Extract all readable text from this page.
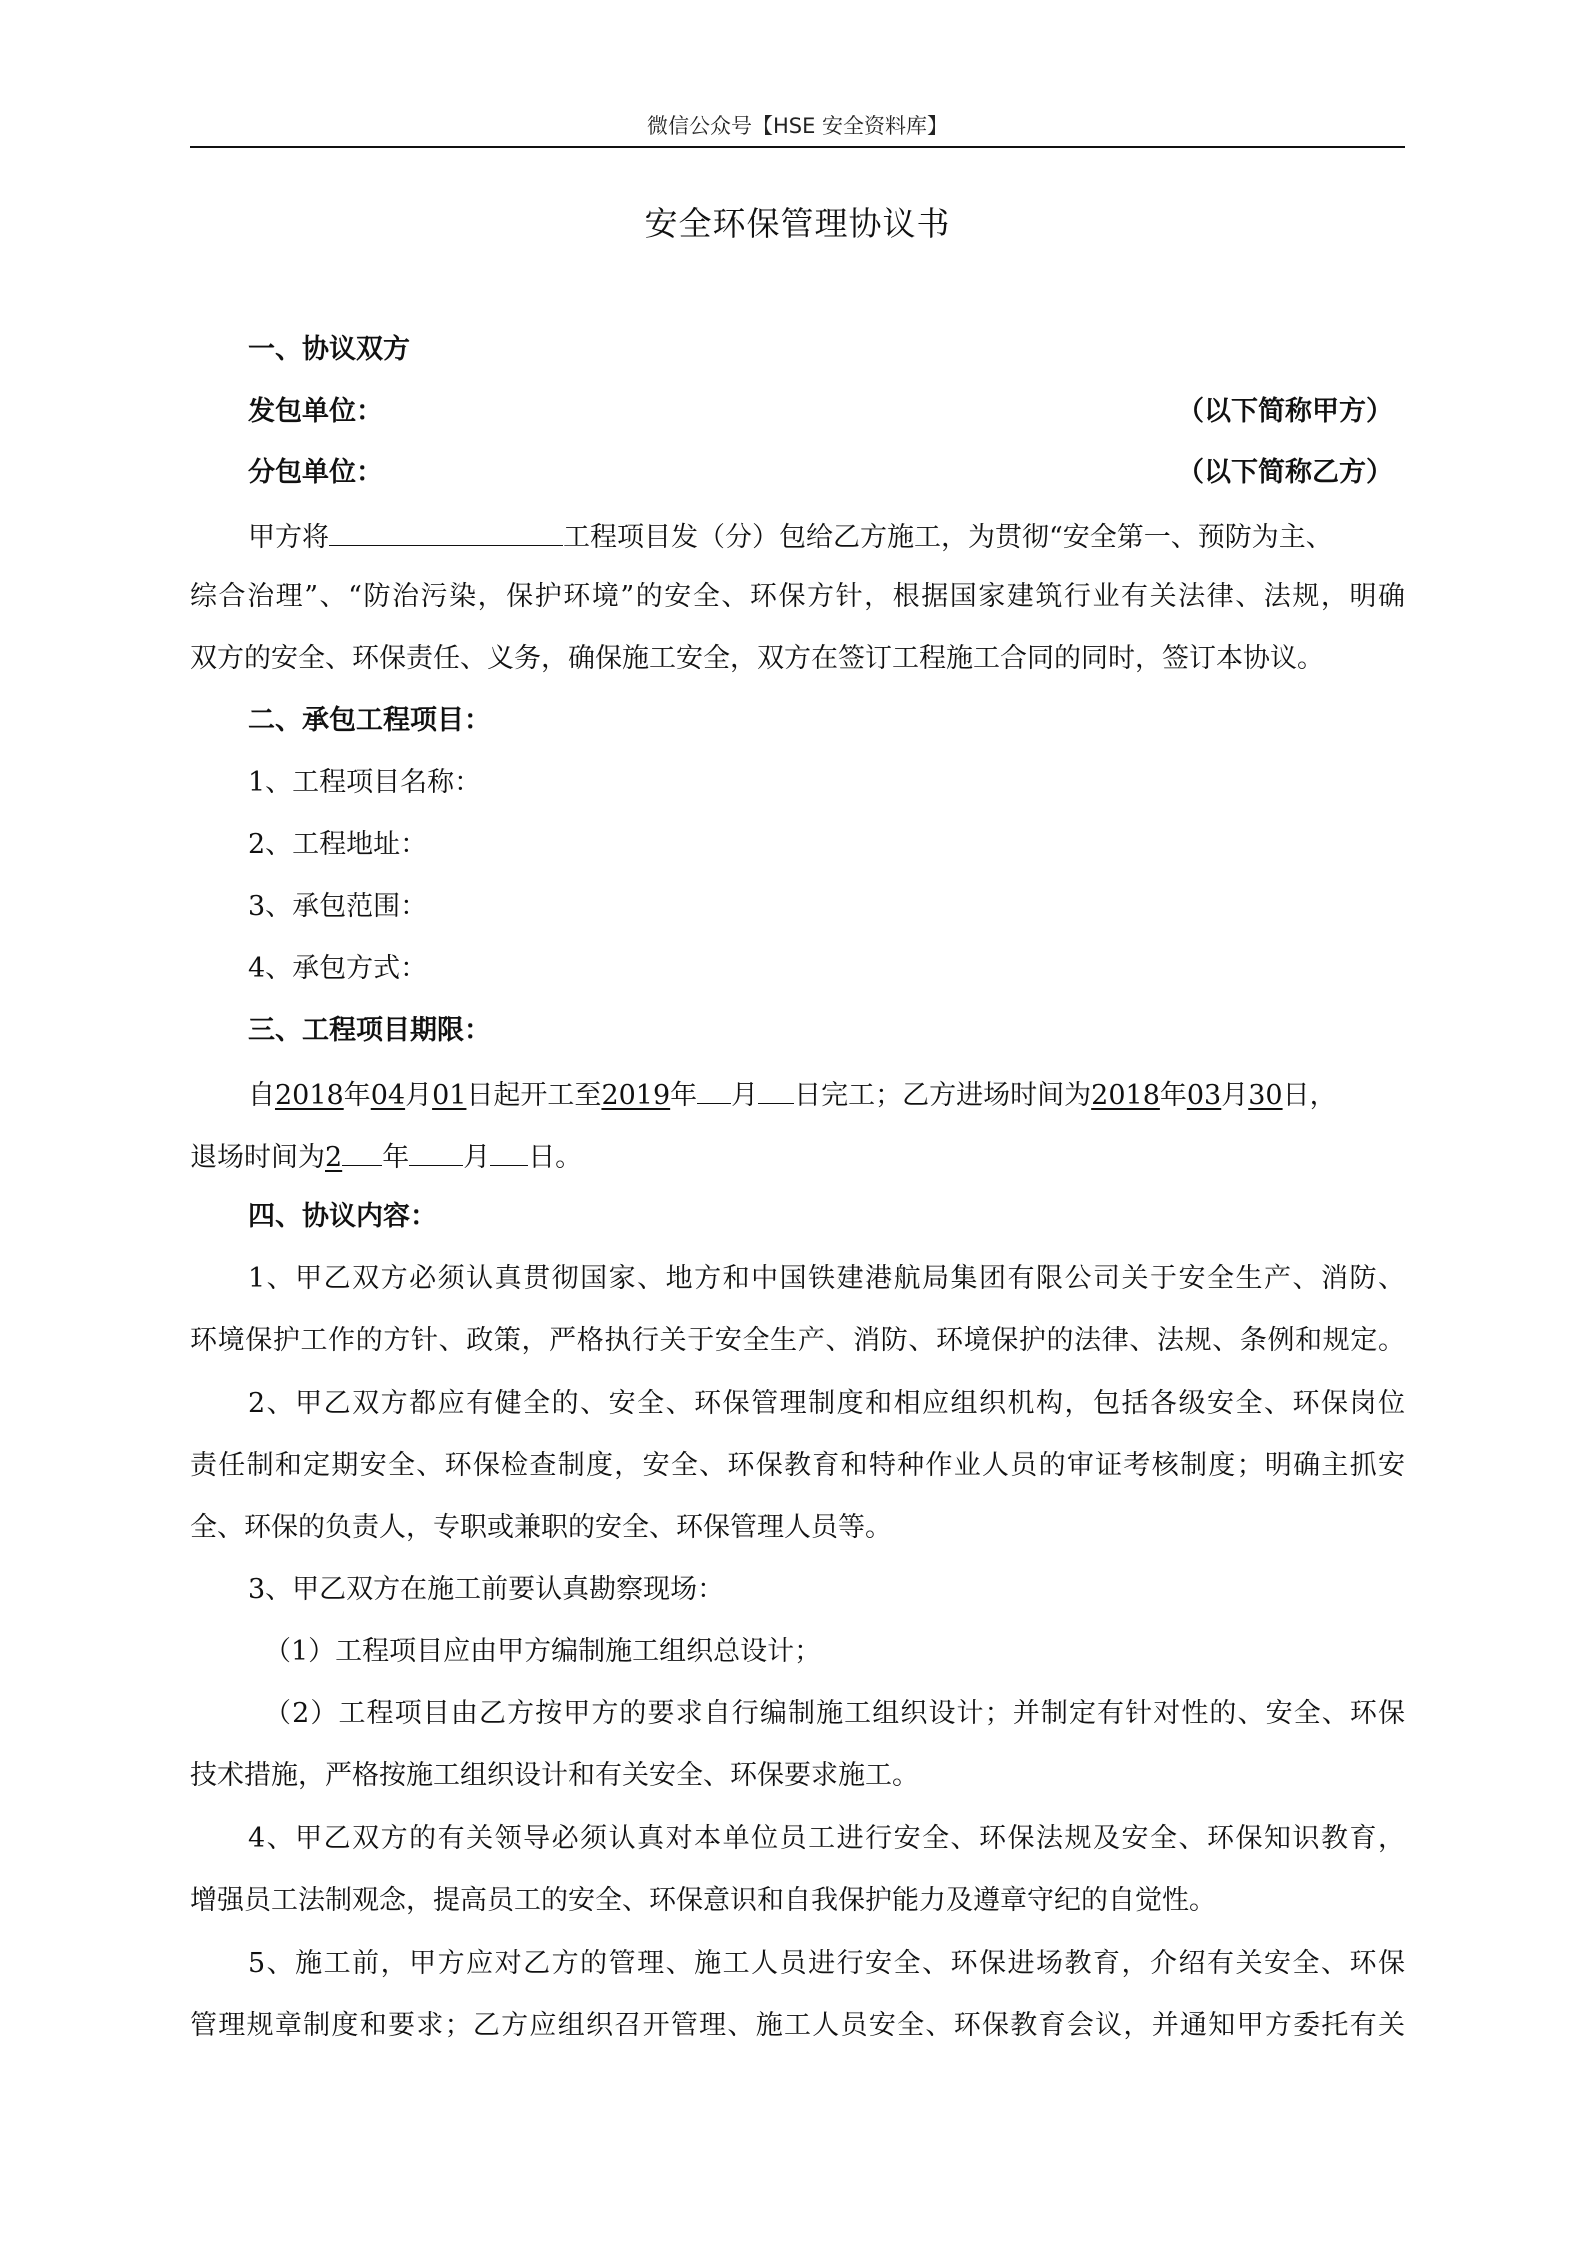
微信公众号【HSE 安全资料库】
安全环保管理协议书
一、协议双方
发包单位：	（以下简称甲方）
分包单位：	（以下简称乙方）
甲方将	工程项目发（分）包给乙方施工，为贯彻“安全第一、预防为主、
综合治理”、“防治污染，保护环境”的安全、环保方针，根据国家建筑行业有关法律、法规，明确
双方的安全、环保责任、义务，确保施工安全，双方在签订工程施工合同的同时，签订本协议。
二、承包工程项目：
1、工程项目名称：
2、工程地址：
3、承包范围：
4、承包方式：
三、工程项目期限：
自2018年04月01日起开工至2019年 月 日完工；乙方进场时间为2018年03月30日，
退场时间为2 年 月 日。
四、协议内容：
1、甲乙双方必须认真贯彻国家、地方和中国铁建港航局集团有限公司关于安全生产、消防、
环境保护工作的方针、政策，严格执行关于安全生产、消防、环境保护的法律、法规、条例和规定。
2、甲乙双方都应有健全的、安全、环保管理制度和相应组织机构，包括各级安全、环保岗位
责任制和定期安全、环保检查制度，安全、环保教育和特种作业人员的审证考核制度；明确主抓安
全、环保的负责人，专职或兼职的安全、环保管理人员等。
3、甲乙双方在施工前要认真勘察现场：
（1）工程项目应由甲方编制施工组织总设计；
（2）工程项目由乙方按甲方的要求自行编制施工组织设计；并制定有针对性的、安全、环保
技术措施，严格按施工组织设计和有关安全、环保要求施工。
4、甲乙双方的有关领导必须认真对本单位员工进行安全、环保法规及安全、环保知识教育，
增强员工法制观念，提高员工的安全、环保意识和自我保护能力及遵章守纪的自觉性。
5、施工前，甲方应对乙方的管理、施工人员进行安全、环保进场教育，介绍有关安全、环保
管理规章制度和要求；乙方应组织召开管理、施工人员安全、环保教育会议，并通知甲方委托有关
